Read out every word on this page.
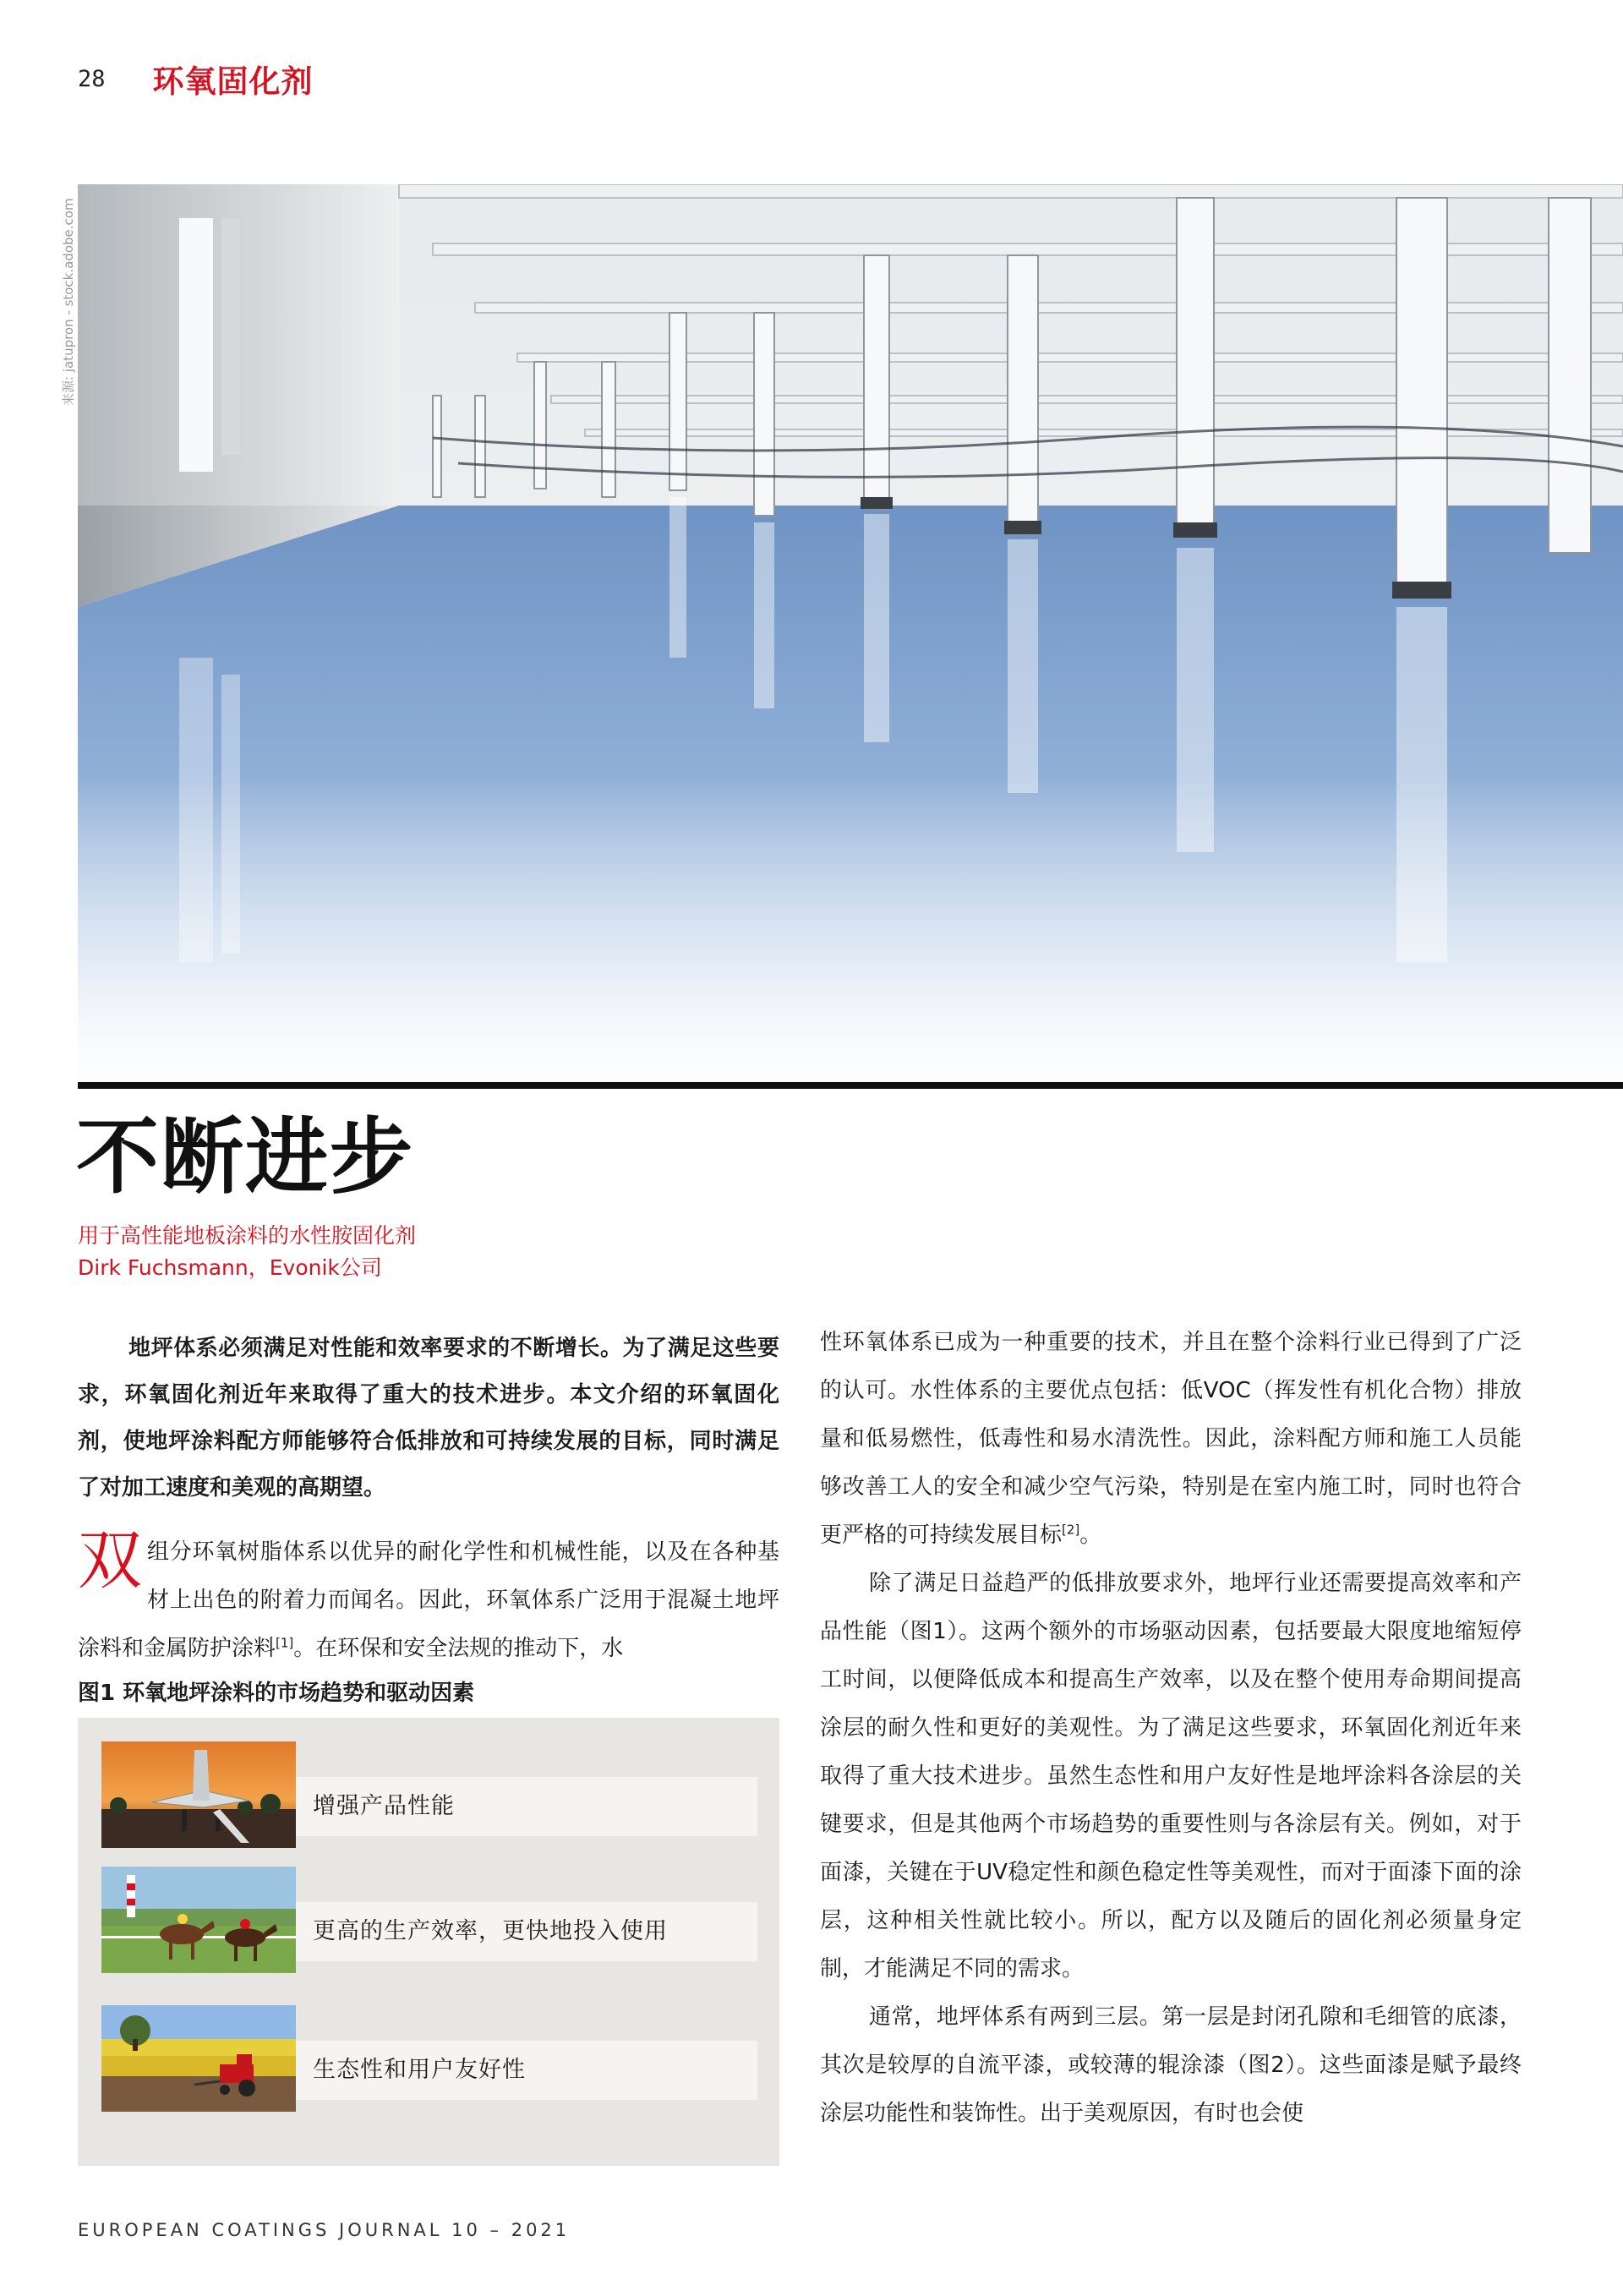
28 环氧固化剂
来源: jatupron - stock.adobe.com
不断进步
用于高性能地板涂料的水性胺固化剂
Dirk Fuchsmann，Evonik公司
地坪体系必须满足对性能和效率要求的不断增长。为了满足这些要求，环氧固化剂近年来取得了重大的技术进步。本文介绍的环氧固化剂，使地坪涂料配方师能够符合低排放和可持续发展的目标，同时满足了对加工速度和美观的高期望。
双组分环氧树脂体系以优异的耐化学性和机械性能，以及在各种基材上出色的附着力而闻名。因此，环氧体系广泛用于混凝土地坪涂料和金属防护涂料[1]。在环保和安全法规的推动下，水
图1 环氧地坪涂料的市场趋势和驱动因素
增强产品性能
更高的生产效率，更快地投入使用
生态性和用户友好性

性环氧体系已成为一种重要的技术，并且在整个涂料行业已得到了广泛的认可。水性体系的主要优点包括：低VOC（挥发性有机化合物）排放量和低易燃性，低毒性和易水清洗性。因此，涂料配方师和施工人员能够改善工人的安全和减少空气污染，特别是在室内施工时，同时也符合更严格的可持续发展目标[2]。

除了满足日益趋严的低排放要求外，地坪行业还需要提高效率和产品性能（图1）。这两个额外的市场驱动因素，包括要最大限度地缩短停工时间，以便降低成本和提高生产效率，以及在整个使用寿命期间提高涂层的耐久性和更好的美观性。为了满足这些要求，环氧固化剂近年来取得了重大技术进步。虽然生态性和用户友好性是地坪涂料各涂层的关键要求，但是其他两个市场趋势的重要性则与各涂层有关。例如，对于面漆，关键在于UV稳定性和颜色稳定性等美观性，而对于面漆下面的涂层，这种相关性就比较小。所以，配方以及随后的固化剂必须量身定制，才能满足不同的需求。

通常，地坪体系有两到三层。第一层是封闭孔隙和毛细管的底漆，其次是较厚的自流平漆，或较薄的辊涂漆（图2）。这些面漆是赋予最终涂层功能性和装饰性。出于美观原因，有时也会使

EUROPEAN COATINGS JOURNAL 10 – 2021
